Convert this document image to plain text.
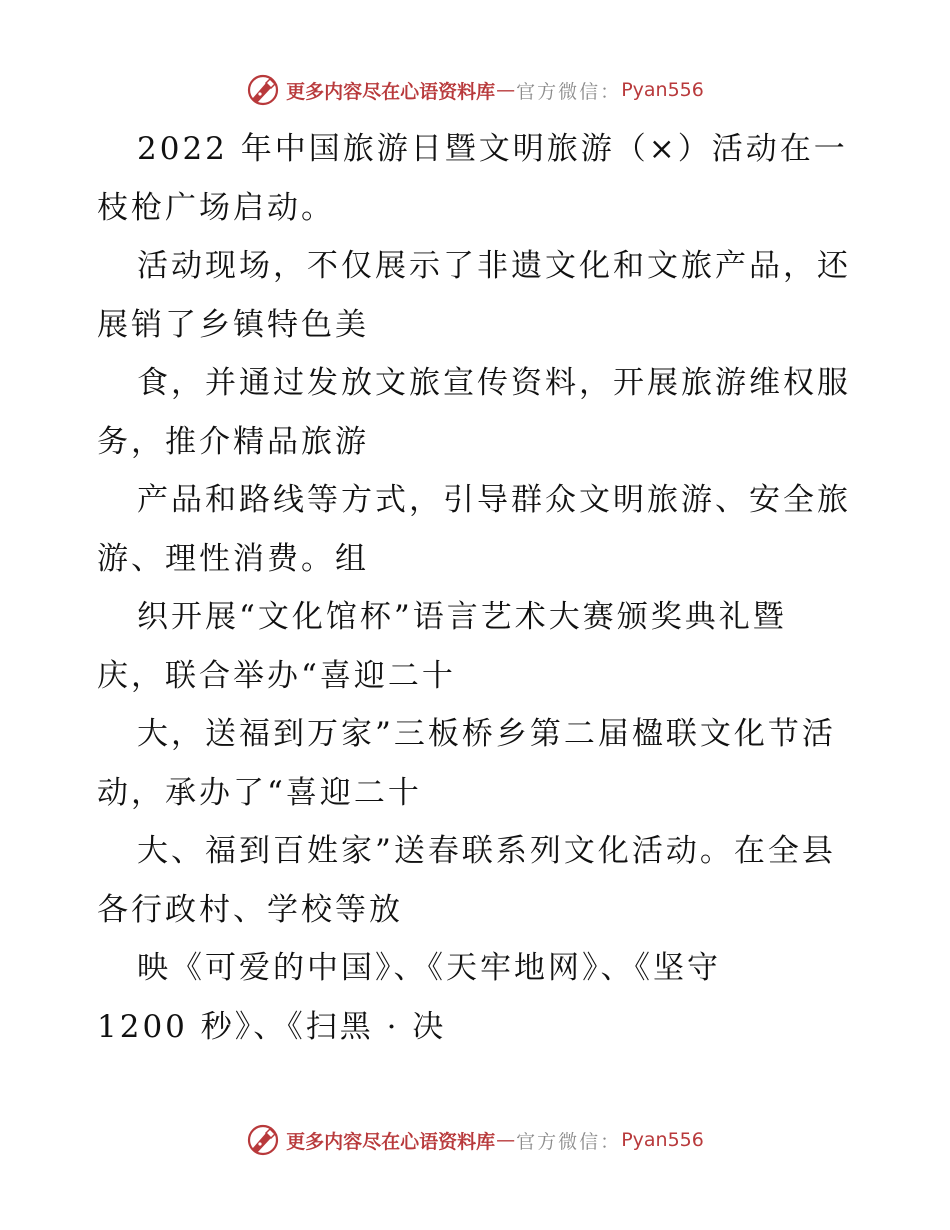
更多内容尽在心语资料库 — 官方微信： Pyan556
2022 年中国旅游日暨文明旅游（×）活动在一
枝枪广场启动。
活动现场，不仅展示了非遗文化和文旅产品，还
展销了乡镇特色美
食，并通过发放文旅宣传资料，开展旅游维权服
务，推介精品旅游
产品和路线等方式，引导群众文明旅游、安全旅
游、理性消费。组
织开展“文化馆杯”语言艺术大赛颁奖典礼暨
庆，联合举办“喜迎二十
大，送福到万家”三板桥乡第二届楹联文化节活
动，承办了“喜迎二十
大、福到百姓家”送春联系列文化活动。在全县
各行政村、学校等放
映《可爱的中国》、《天牢地网》、《坚守
1200 秒》、《扫黑 · 决
更多内容尽在心语资料库 — 官方微信： Pyan556
